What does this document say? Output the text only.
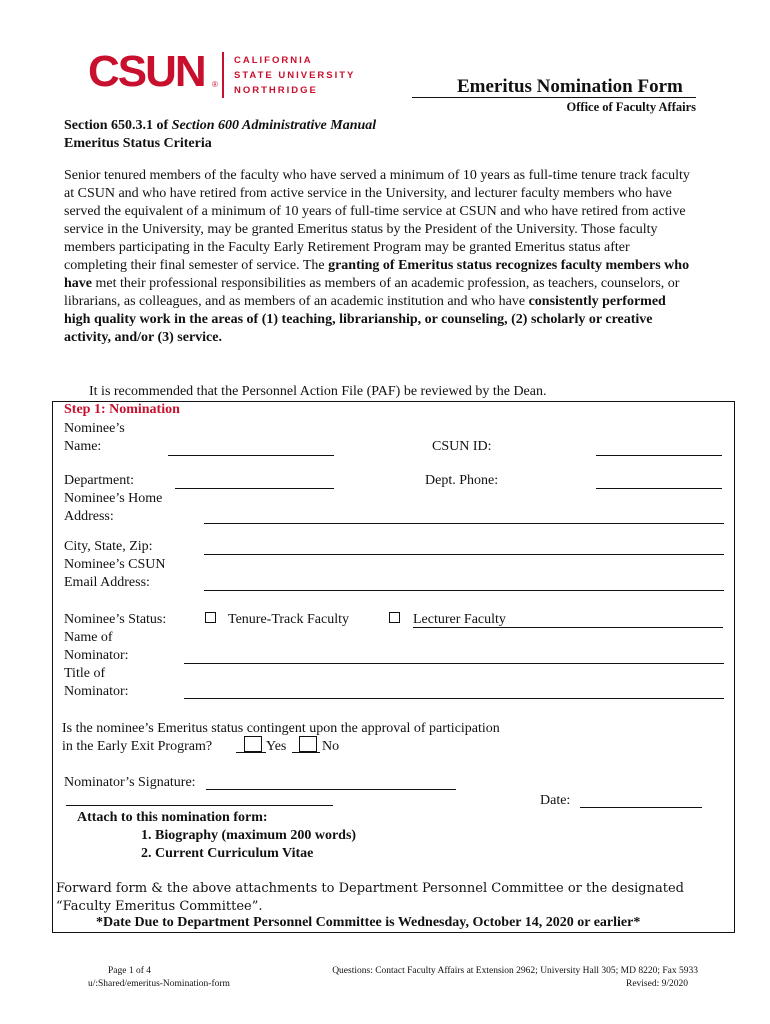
CSUN ®
CALIFORNIA
STATE UNIVERSITY
NORTHRIDGE	Emeritus Nomination Form
Office of Faculty Affairs
Section 650.3.1 of Section 600 Administrative Manual
Emeritus Status Criteria
Senior tenured members of the faculty who have served a minimum of 10 years as full-time tenure track faculty at CSUN and who have retired from active service in the University, and lecturer faculty members who have served the equivalent of a minimum of 10 years of full-time service at CSUN and who have retired from active service in the University, may be granted Emeritus status by the President of the University. Those faculty members participating in the Faculty Early Retirement Program may be granted Emeritus status after completing their final semester of service. The granting of Emeritus status recognizes faculty members who have met their professional responsibilities as members of an academic profession, as teachers, counselors, or librarians, as colleagues, and as members of an academic institution and who have consistently performed high quality work in the areas of (1) teaching, librarianship, or counseling, (2) scholarly or creative activity, and/or (3) service.
It is recommended that the Personnel Action File (PAF) be reviewed by the Dean.
Step 1: Nomination
Nominee’s
Name:	CSUN ID:
Department:	Dept. Phone:
Nominee’s Home
Address:
City, State, Zip:
Nominee’s CSUN
Email Address:
Nominee’s Status:	Tenure-Track Faculty	Lecturer Faculty
Name of
Nominator:
Title of
Nominator:
Is the nominee’s Emeritus status contingent upon the approval of participation
in the Early Exit Program?	Yes	No
Nominator’s Signature:
Date:
Attach to this nomination form:
1. Biography (maximum 200 words)
2. Current Curriculum Vitae
Forward form & the above attachments to Department Personnel Committee or the designated “Faculty Emeritus Committee”.
*Date Due to Department Personnel Committee is Wednesday, October 14, 2020 or earlier*
Page 1 of 4
u/:Shared/emeritus-Nomination-form
Questions: Contact Faculty Affairs at Extension 2962; University Hall 305; MD 8220; Fax 5933
Revised: 9/2020
